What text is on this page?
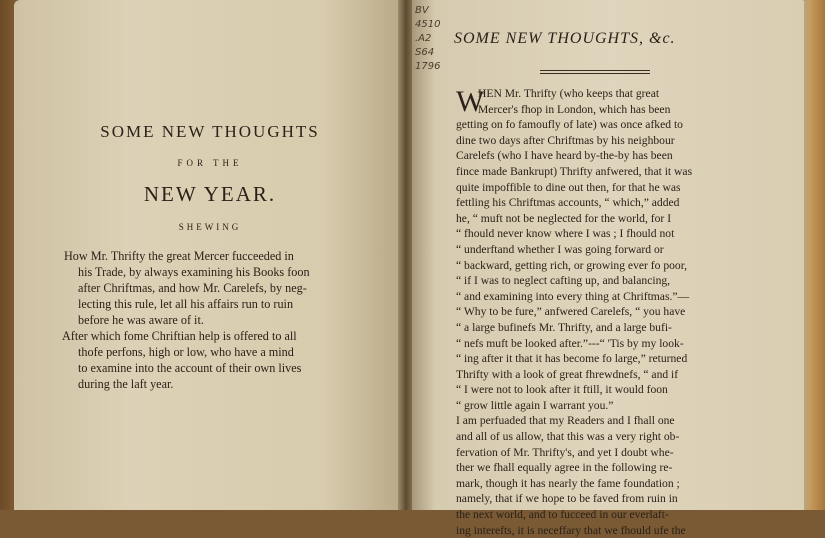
SOME NEW THOUGHTS
FOR THE
NEW YEAR.
SHEWING
How Mr. Thrifty the great Mercer fucceeded in
his Trade, by always examining his Books foon
after Chriftmas, and how Mr. Carelefs, by neg-
lecting this rule, let all his affairs run to ruin
before he was aware of it.
After which fome Chriftian help is offered to all
thofe perfons, high or low, who have a mind
to examine into the account of their own lives
during the laft year.
BV
4510
.A2
S64
1796
SOME NEW THOUGHTS, &c.
W
HEN Mr. Thrifty (who keeps that great
Mercer's fhop in London, which has been
getting on fo famoufly of late) was once afked to
dine two days after Chriftmas by his neighbour
Carelefs (who I have heard by-the-by has been
fince made Bankrupt) Thrifty anfwered, that it was
quite impoffible to dine out then, for that he was
fettling his Chriftmas accounts, “ which,” added
he, “ muft not be neglected for the world, for I
“ fhould never know where I was ; I fhould not
“ underftand whether I was going forward or
“ backward, getting rich, or growing ever fo poor,
“ if I was to neglect cafting up, and balancing,
“ and examining into every thing at Chriftmas.”—
“ Why to be fure,” anfwered Carelefs, “ you have
“ a large bufinefs Mr. Thrifty, and a large bufi-
“ nefs muft be looked after.”---“ 'Tis by my look-
“ ing after it that it has become fo large,” returned
Thrifty with a look of great fhrewdnefs, “ and if
“ I were not to look after it ftill, it would foon
“ grow little again I warrant you.”
I am perfuaded that my Readers and I fhall one
and all of us allow, that this was a very right ob-
fervation of Mr. Thrifty's, and yet I doubt whe-
ther we fhall equally agree in the following re-
mark, though it has nearly the fame foundation ;
namely, that if we hope to be faved from ruin in
the next world, and to fucceed in our everlaft-
ing interefts, it is neceffary that we fhould ufe the
